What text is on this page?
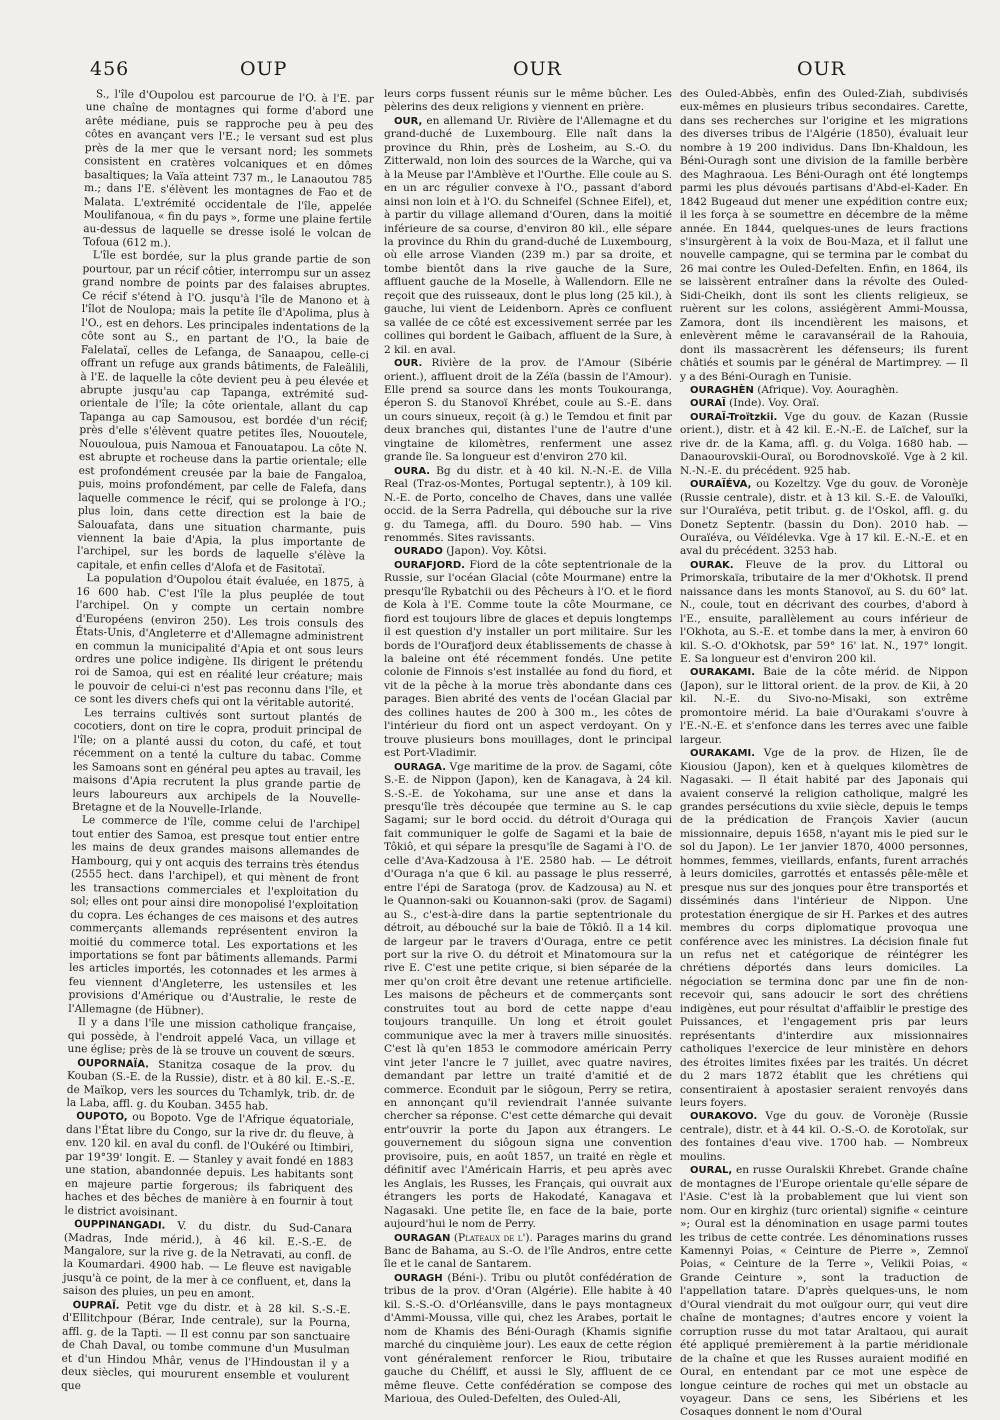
456	OUP	OUR	OUR

S., l'île d'Oupolou est parcourue de l'O. à l'E. par une chaîne de montagnes qui forme d'abord une arête médiane, puis se rapproche peu à peu des côtes en avançant vers l'E.; le versant sud est plus près de la mer que le versant nord; les sommets consistent en cratères volcaniques et en dômes basaltiques; la Vaïa atteint 737 m., le Lanaoutou 785 m.; dans l'E. s'élèvent les montagnes de Fao et de Malata. L'extrémité occidentale de l'île, appelée Moulifanoua, « fin du pays », forme une plaine fertile au-dessus de laquelle se dresse isolé le volcan de Tofoua (612 m.).

L'île est bordée, sur la plus grande partie de son pourtour, par un récif côtier, interrompu sur un assez grand nombre de points par des falaises abruptes. Ce récif s'étend à l'O. jusqu'à l'île de Manono et à l'îlot de Noulopa; mais la petite île d'Apolima, plus à l'O., est en dehors. Les principales indentations de la côte sont au S., en partant de l'O., la baie de Falelataï, celles de Lefanga, de Sanaapou, celle-ci offrant un refuge aux grands bâtiments, de Faleälili, à l'E. de laquelle la côte devient peu à peu élevée et abrupte jusqu'au cap Tapanga, extrémité sud-orientale de l'île; la côte orientale, allant du cap Tapanga au cap Samousou, est bordée d'un récif; près d'elle s'élèvent quatre petites îles, Nououtele, Nououloua, puis Namoua et Fanouatapou. La côte N. est abrupte et rocheuse dans la partie orientale; elle est profondément creusée par la baie de Fangaloa, puis, moins profondément, par celle de Falefa, dans laquelle commence le récif, qui se prolonge à l'O.; plus loin, dans cette direction est la baie de Salouafata, dans une situation charmante, puis viennent la baie d'Apia, la plus importante de l'archipel, sur les bords de laquelle s'élève la capitale, et enfin celles d'Alofa et de Fasitotaï.

La population d'Oupolou était évaluée, en 1875, à 16 600 hab. C'est l'île la plus peuplée de tout l'archipel. On y compte un certain nombre d'Européens (environ 250). Les trois consuls des États-Unis, d'Angleterre et d'Allemagne administrent en commun la municipalité d'Apia et ont sous leurs ordres une police indigène. Ils dirigent le prétendu roi de Samoa, qui est en réalité leur créature; mais le pouvoir de celui-ci n'est pas reconnu dans l'île, et ce sont les divers chefs qui ont la véritable autorité.

Les terrains cultivés sont surtout plantés de cocotiers, dont on tire le copra, produit principal de l'île; on a planté aussi du coton, du café, et tout récemment on a tenté la culture du tabac. Comme les Samoans sont en général peu aptes au travail, les maisons d'Apia recrutent la plus grande partie de leurs laboureurs aux archipels de la Nouvelle-Bretagne et de la Nouvelle-Irlande.

Le commerce de l'île, comme celui de l'archipel tout entier des Samoa, est presque tout entier entre les mains de deux grandes maisons allemandes de Hambourg, qui y ont acquis des terrains très étendus (2555 hect. dans l'archipel), et qui mènent de front les transactions commerciales et l'exploitation du sol; elles ont pour ainsi dire monopolisé l'exploitation du copra. Les échanges de ces maisons et des autres commerçants allemands représentent environ la moitié du commerce total. Les exportations et les importations se font par bâtiments allemands. Parmi les articles importés, les cotonnades et les armes à feu viennent d'Angleterre, les ustensiles et les provisions d'Amérique ou d'Australie, le reste de l'Allemagne (de Hübner).

Il y a dans l'île une mission catholique française, qui possède, à l'endroit appelé Vaca, un village et une église; près de là se trouve un couvent de sœurs.

OUPORNAÏA. Stanitza cosaque de la prov. du Kouban (S.-E. de la Russie), distr. et à 80 kil. E.-S.-E. de Maïkop, vers les sources du Tchamlyk, trib. dr. de la Laba, affl. g. du Kouban. 3455 hab.

OUPOTO, ou Bopoto. Vge de l'Afrique équatoriale, dans l'État libre du Congo, sur la rive dr. du fleuve, à env. 120 kil. en aval du confl. de l'Oukéré ou Itimbiri, par 19°39' longit. E. — Stanley y avait fondé en 1883 une station, abandonnée depuis. Les habitants sont en majeure partie forgerous; ils fabriquent des haches et des bêches de manière à en fournir à tout le district avoisinant.

OUPPINANGADI. V. du distr. du Sud-Canara (Madras, Inde mérid.), à 46 kil. E.-S.-E. de Mangalore, sur la rive g. de la Netravati, au confl. de la Koumardari. 4900 hab. — Le fleuve est navigable jusqu'à ce point, de la mer à ce confluent, et, dans la saison des pluies, un peu en amont.

OUPRAÏ. Petit vge du distr. et à 28 kil. S.-S.-E. d'Ellitchpour (Bérar, Inde centrale), sur la Pourna, affl. g. de la Tapti. — Il est connu par son sanctuaire de Chah Daval, ou tombe commune d'un Musulman et d'un Hindou Mhâr, venus de l'Hindoustan il y a deux siècles, qui moururent ensemble et voulurent que

leurs corps fussent réunis sur le même bûcher. Les pèlerins des deux religions y viennent en prière.

OUR, en allemand Ur. Rivière de l'Allemagne et du grand-duché de Luxembourg. Elle naît dans la province du Rhin, près de Losheim, au S.-O. du Zitterwald, non loin des sources de la Warche, qui va à la Meuse par l'Amblève et l'Ourthe. Elle coule au S. en un arc régulier convexe à l'O., passant d'abord ainsi non loin et à l'O. du Schneifel (Schnee Eifel), et, à partir du village allemand d'Ouren, dans la moitié inférieure de sa course, d'environ 80 kil., elle sépare la province du Rhin du grand-duché de Luxembourg, où elle arrose Vianden (239 m.) par sa droite, et tombe bientôt dans la rive gauche de la Sure, affluent gauche de la Moselle, à Wallendorn. Elle ne reçoit que des ruisseaux, dont le plus long (25 kil.), à gauche, lui vient de Leidenborn. Après ce confluent sa vallée de ce côté est excessivement serrée par les collines qui bordent le Gaibach, affluent de la Sure, à 2 kil. en aval.

OUR. Rivière de la prov. de l'Amour (Sibérie orient.), affluent droit de la Zéïa (bassin de l'Amour). Elle prend sa source dans les monts Toukouranga, éperon S. du Stanovoï Khrébet, coule au S.-E. dans un cours sinueux, reçoit (à g.) le Temdou et finit par deux branches qui, distantes l'une de l'autre d'une vingtaine de kilomètres, renferment une assez grande île. Sa longueur est d'environ 270 kil.

OURA. Bg du distr. et à 40 kil. N.-N.-E. de Villa Real (Traz-os-Montes, Portugal septentr.), à 109 kil. N.-E. de Porto, concelho de Chaves, dans une vallée occid. de la Serra Padrella, qui débouche sur la rive g. du Tamega, affl. du Douro. 590 hab. — Vins renommés. Sites ravissants.

OURADO (Japon). Voy. Kôtsi.

OURAFJORD. Fiord de la côte septentrionale de la Russie, sur l'océan Glacial (côte Mourmane) entre la presqu'île Rybatchii ou des Pêcheurs à l'O. et le fiord de Kola à l'E. Comme toute la côte Mourmane, ce fiord est toujours libre de glaces et depuis longtemps il est question d'y installer un port militaire. Sur les bords de l'Ourafjord deux établissements de chasse à la baleine ont été récemment fondés. Une petite colonie de Finnois s'est installée au fond du fiord, et vit de la pêche à la morue très abondante dans ces parages. Bien abrité des vents de l'océan Glacial par des collines hautes de 200 à 300 m., les côtes de l'intérieur du fiord ont un aspect verdoyant. On y trouve plusieurs bons mouillages, dont le principal est Port-Vladimir.

OURAGA. Vge maritime de la prov. de Sagami, côte S.-E. de Nippon (Japon), ken de Kanagava, à 24 kil. S.-S.-E. de Yokohama, sur une anse et dans la presqu'île très découpée que termine au S. le cap Sagami; sur le bord occid. du détroit d'Ouraga qui fait communiquer le golfe de Sagami et la baie de Tôkiô, et qui sépare la presqu'île de Sagami à l'O. de celle d'Ava-Kadzousa à l'E. 2580 hab. — Le détroit d'Ouraga n'a que 6 kil. au passage le plus resserré, entre l'épi de Saratoga (prov. de Kadzousa) au N. et le Quannon-saki ou Kouannon-saki (prov. de Sagami) au S., c'est-à-dire dans la partie septentrionale du détroit, au débouché sur la baie de Tôkiô. Il a 14 kil. de largeur par le travers d'Ouraga, entre ce petit port sur la rive O. du détroit et Minatomoura sur la rive E. C'est une petite crique, si bien séparée de la mer qu'on croit être devant une retenue artificielle. Les maisons de pêcheurs et de commerçants sont construites tout au bord de cette nappe d'eau toujours tranquille. Un long et étroit goulet communique avec la mer à travers mille sinuosités. C'est là qu'en 1853 le commodore américain Perry vint jeter l'ancre le 7 juillet, avec quatre navires, demandant par lettre un traité d'amitié et de commerce. Econduit par le siôgoun, Perry se retira, en annonçant qu'il reviendrait l'année suivante chercher sa réponse. C'est cette démarche qui devait entr'ouvrir la porte du Japon aux étrangers. Le gouvernement du siôgoun signa une convention provisoire, puis, en août 1857, un traité en règle et définitif avec l'Américain Harris, et peu après avec les Anglais, les Russes, les Français, qui ouvrait aux étrangers les ports de Hakodaté, Kanagava et Nagasaki. Une petite île, en face de la baie, porte aujourd'hui le nom de Perry.

OURAGAN (Plateaux de l'). Parages marins du grand Banc de Bahama, au S.-O. de l'île Andros, entre cette île et le canal de Santarem.

OURAGH (Béni-). Tribu ou plutôt confédération de tribus de la prov. d'Oran (Algérie). Elle habite à 40 kil. S.-S.-O. d'Orléansville, dans le pays montagneux d'Ammi-Moussa, ville qui, chez les Arabes, portait le nom de Khamis des Béni-Ouragh (Khamis signifie marché du cinquième jour). Les eaux de cette région vont généralement renforcer le Riou, tributaire gauche du Chéliff, et aussi le Sly, affluent de ce même fleuve. Cette confédération se compose des Marioua, des Ouled-Defelten, des Ouled-Ali,

des Ouled-Abbès, enfin des Ouled-Ziah, subdivisés eux-mêmes en plusieurs tribus secondaires. Carette, dans ses recherches sur l'origine et les migrations des diverses tribus de l'Algérie (1850), évaluait leur nombre à 19 200 individus. Dans Ibn-Khaldoun, les Béni-Ouragh sont une division de la famille berbère des Maghraoua. Les Béni-Ouragh ont été longtemps parmi les plus dévoués partisans d'Abd-el-Kader. En 1842 Bugeaud dut mener une expédition contre eux; il les força à se soumettre en décembre de la même année. En 1844, quelques-unes de leurs fractions s'insurgèrent à la voix de Bou-Maza, et il fallut une nouvelle campagne, qui se termina par le combat du 26 mai contre les Ouled-Defelten. Enfin, en 1864, ils se laissèrent entraîner dans la révolte des Ouled-Sidi-Cheikh, dont ils sont les clients religieux, se ruèrent sur les colons, assiégèrent Ammi-Moussa, Zamora, dont ils incendièrent les maisons, et enlevèrent même le caravansérail de la Rahouia, dont ils massacrèrent les défenseurs; ils furent châtiés et soumis par le général de Martimprey. — Il y a des Béni-Ouragh en Tunisie.

OURAGHÈN (Afrique). Voy. Aouraghèn.

OURAÏ (Inde). Voy. Oraï.

OURAÏ-Troïtzkii. Vge du gouv. de Kazan (Russie orient.), distr. et à 42 kil. E.-N.-E. de Laïchef, sur la rive dr. de la Kama, affl. g. du Volga. 1680 hab. — Danaourovskii-Ouraï, ou Borodnovskoïé. Vge à 2 kil. N.-N.-E. du précédent. 925 hab.

OURAÏÉVA, ou Kozeltzy. Vge du gouv. de Voronèje (Russie centrale), distr. et à 13 kil. S.-E. de Valouïki, sur l'Ouraïéva, petit tribut. g. de l'Oskol, affl. g. du Donetz Septentr. (bassin du Don). 2010 hab. — Ouraïéva, ou Véïdélevka. Vge à 17 kil. E.-N.-E. et en aval du précédent. 3253 hab.

OURAK. Fleuve de la prov. du Littoral ou Primorskaïa, tributaire de la mer d'Okhotsk. Il prend naissance dans les monts Stanovoï, au S. du 60° lat. N., coule, tout en décrivant des courbes, d'abord à l'E., ensuite, parallèlement au cours inférieur de l'Okhota, au S.-E. et tombe dans la mer, à environ 60 kil. S.-O. d'Okhotsk, par 59° 16' lat. N., 197° longit. E. Sa longueur est d'environ 200 kil.

OURAKAMI. Baie de la côte mérid. de Nippon (Japon), sur le littoral orient. de la prov. de Kii, à 20 kil. N.-E. du Sivo-no-Misaki, son extrême promontoire mérid. La baie d'Ourakami s'ouvre à l'E.-N.-E. et s'enfonce dans les terres avec une faible largeur.

OURAKAMI. Vge de la prov. de Hizen, île de Kiousiou (Japon), ken et à quelques kilomètres de Nagasaki. — Il était habité par des Japonais qui avaient conservé la religion catholique, malgré les grandes persécutions du xviie siècle, depuis le temps de la prédication de François Xavier (aucun missionnaire, depuis 1658, n'ayant mis le pied sur le sol du Japon). Le 1er janvier 1870, 4000 personnes, hommes, femmes, vieillards, enfants, furent arrachés à leurs domiciles, garrottés et entassés pêle-mêle et presque nus sur des jonques pour être transportés et disséminés dans l'intérieur de Nippon. Une protestation énergique de sir H. Parkes et des autres membres du corps diplomatique provoqua une conférence avec les ministres. La décision finale fut un refus net et catégorique de réintégrer les chrétiens déportés dans leurs domiciles. La négociation se termina donc par une fin de non-recevoir qui, sans adoucir le sort des chrétiens indigènes, eut pour résultat d'affaiblir le prestige des Puissances, et l'engagement pris par leurs représentants d'interdire aux missionnaires catholiques l'exercice de leur ministère en dehors des étroites limites fixées par les traités. Un décret du 2 mars 1872 établit que les chrétiens qui consentiraient à apostasier seraient renvoyés dans leurs foyers.

OURAKOVO. Vge du gouv. de Voronèje (Russie centrale), distr. et à 44 kil. O.-S.-O. de Korotoïak, sur des fontaines d'eau vive. 1700 hab. — Nombreux moulins.

OURAL, en russe Ouralskii Khrebet. Grande chaîne de montagnes de l'Europe orientale qu'elle sépare de l'Asie. C'est là la probablement que lui vient son nom. Our en kirghiz (turc oriental) signifie « ceinture »; Oural est la dénomination en usage parmi toutes les tribus de cette contrée. Les dénominations russes Kamennyi Poias, « Ceinture de Pierre », Zemnoï Poias, « Ceinture de la Terre », Velikii Poias, « Grande Ceinture », sont la traduction de l'appellation tatare. D'après quelques-uns, le nom d'Oural viendrait du mot ouïgour ourr, qui veut dire chaîne de montagnes; d'autres encore y voient la corruption russe du mot tatar Araltaou, qui aurait été appliqué premièrement à la partie méridionale de la chaîne et que les Russes auraient modifié en Oural, en entendant par ce mot une espèce de longue ceinture de roches qui met un obstacle au voyageur. Dans ce sens, les Sibériens et les Cosaques donnent le nom d'Oural
